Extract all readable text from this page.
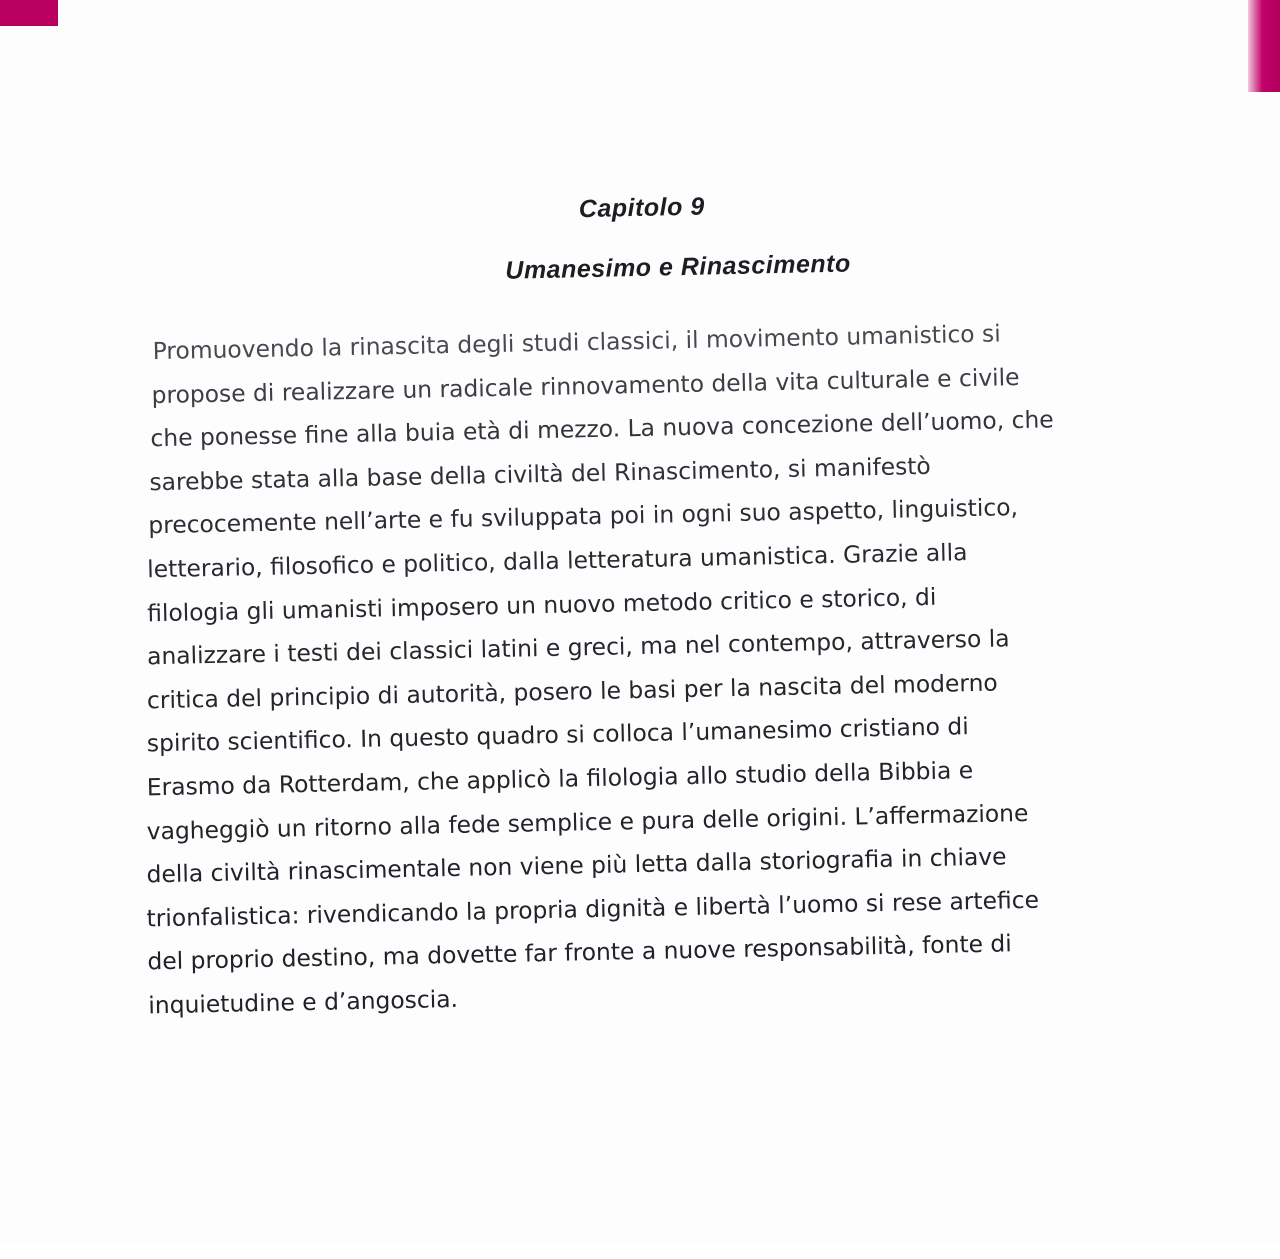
Capitolo 9
Umanesimo e Rinascimento

Promuovendo la rinascita degli studi classici, il movimento umanistico si
propose di realizzare un radicale rinnovamento della vita culturale e civile
che ponesse fine alla buia età di mezzo. La nuova concezione dell’uomo, che
sarebbe stata alla base della civiltà del Rinascimento, si manifestò
precocemente nell’arte e fu sviluppata poi in ogni suo aspetto, linguistico,
letterario, filosofico e politico, dalla letteratura umanistica. Grazie alla
filologia gli umanisti imposero un nuovo metodo critico e storico, di
analizzare i testi dei classici latini e greci, ma nel contempo, attraverso la
critica del principio di autorità, posero le basi per la nascita del moderno
spirito scientifico. In questo quadro si colloca l’umanesimo cristiano di
Erasmo da Rotterdam, che applicò la filologia allo studio della Bibbia e
vagheggiò un ritorno alla fede semplice e pura delle origini. L’affermazione
della civiltà rinascimentale non viene più letta dalla storiografia in chiave
trionfalistica: rivendicando la propria dignità e libertà l’uomo si rese artefice
del proprio destino, ma dovette far fronte a nuove responsabilità, fonte di
inquietudine e d’angoscia.
